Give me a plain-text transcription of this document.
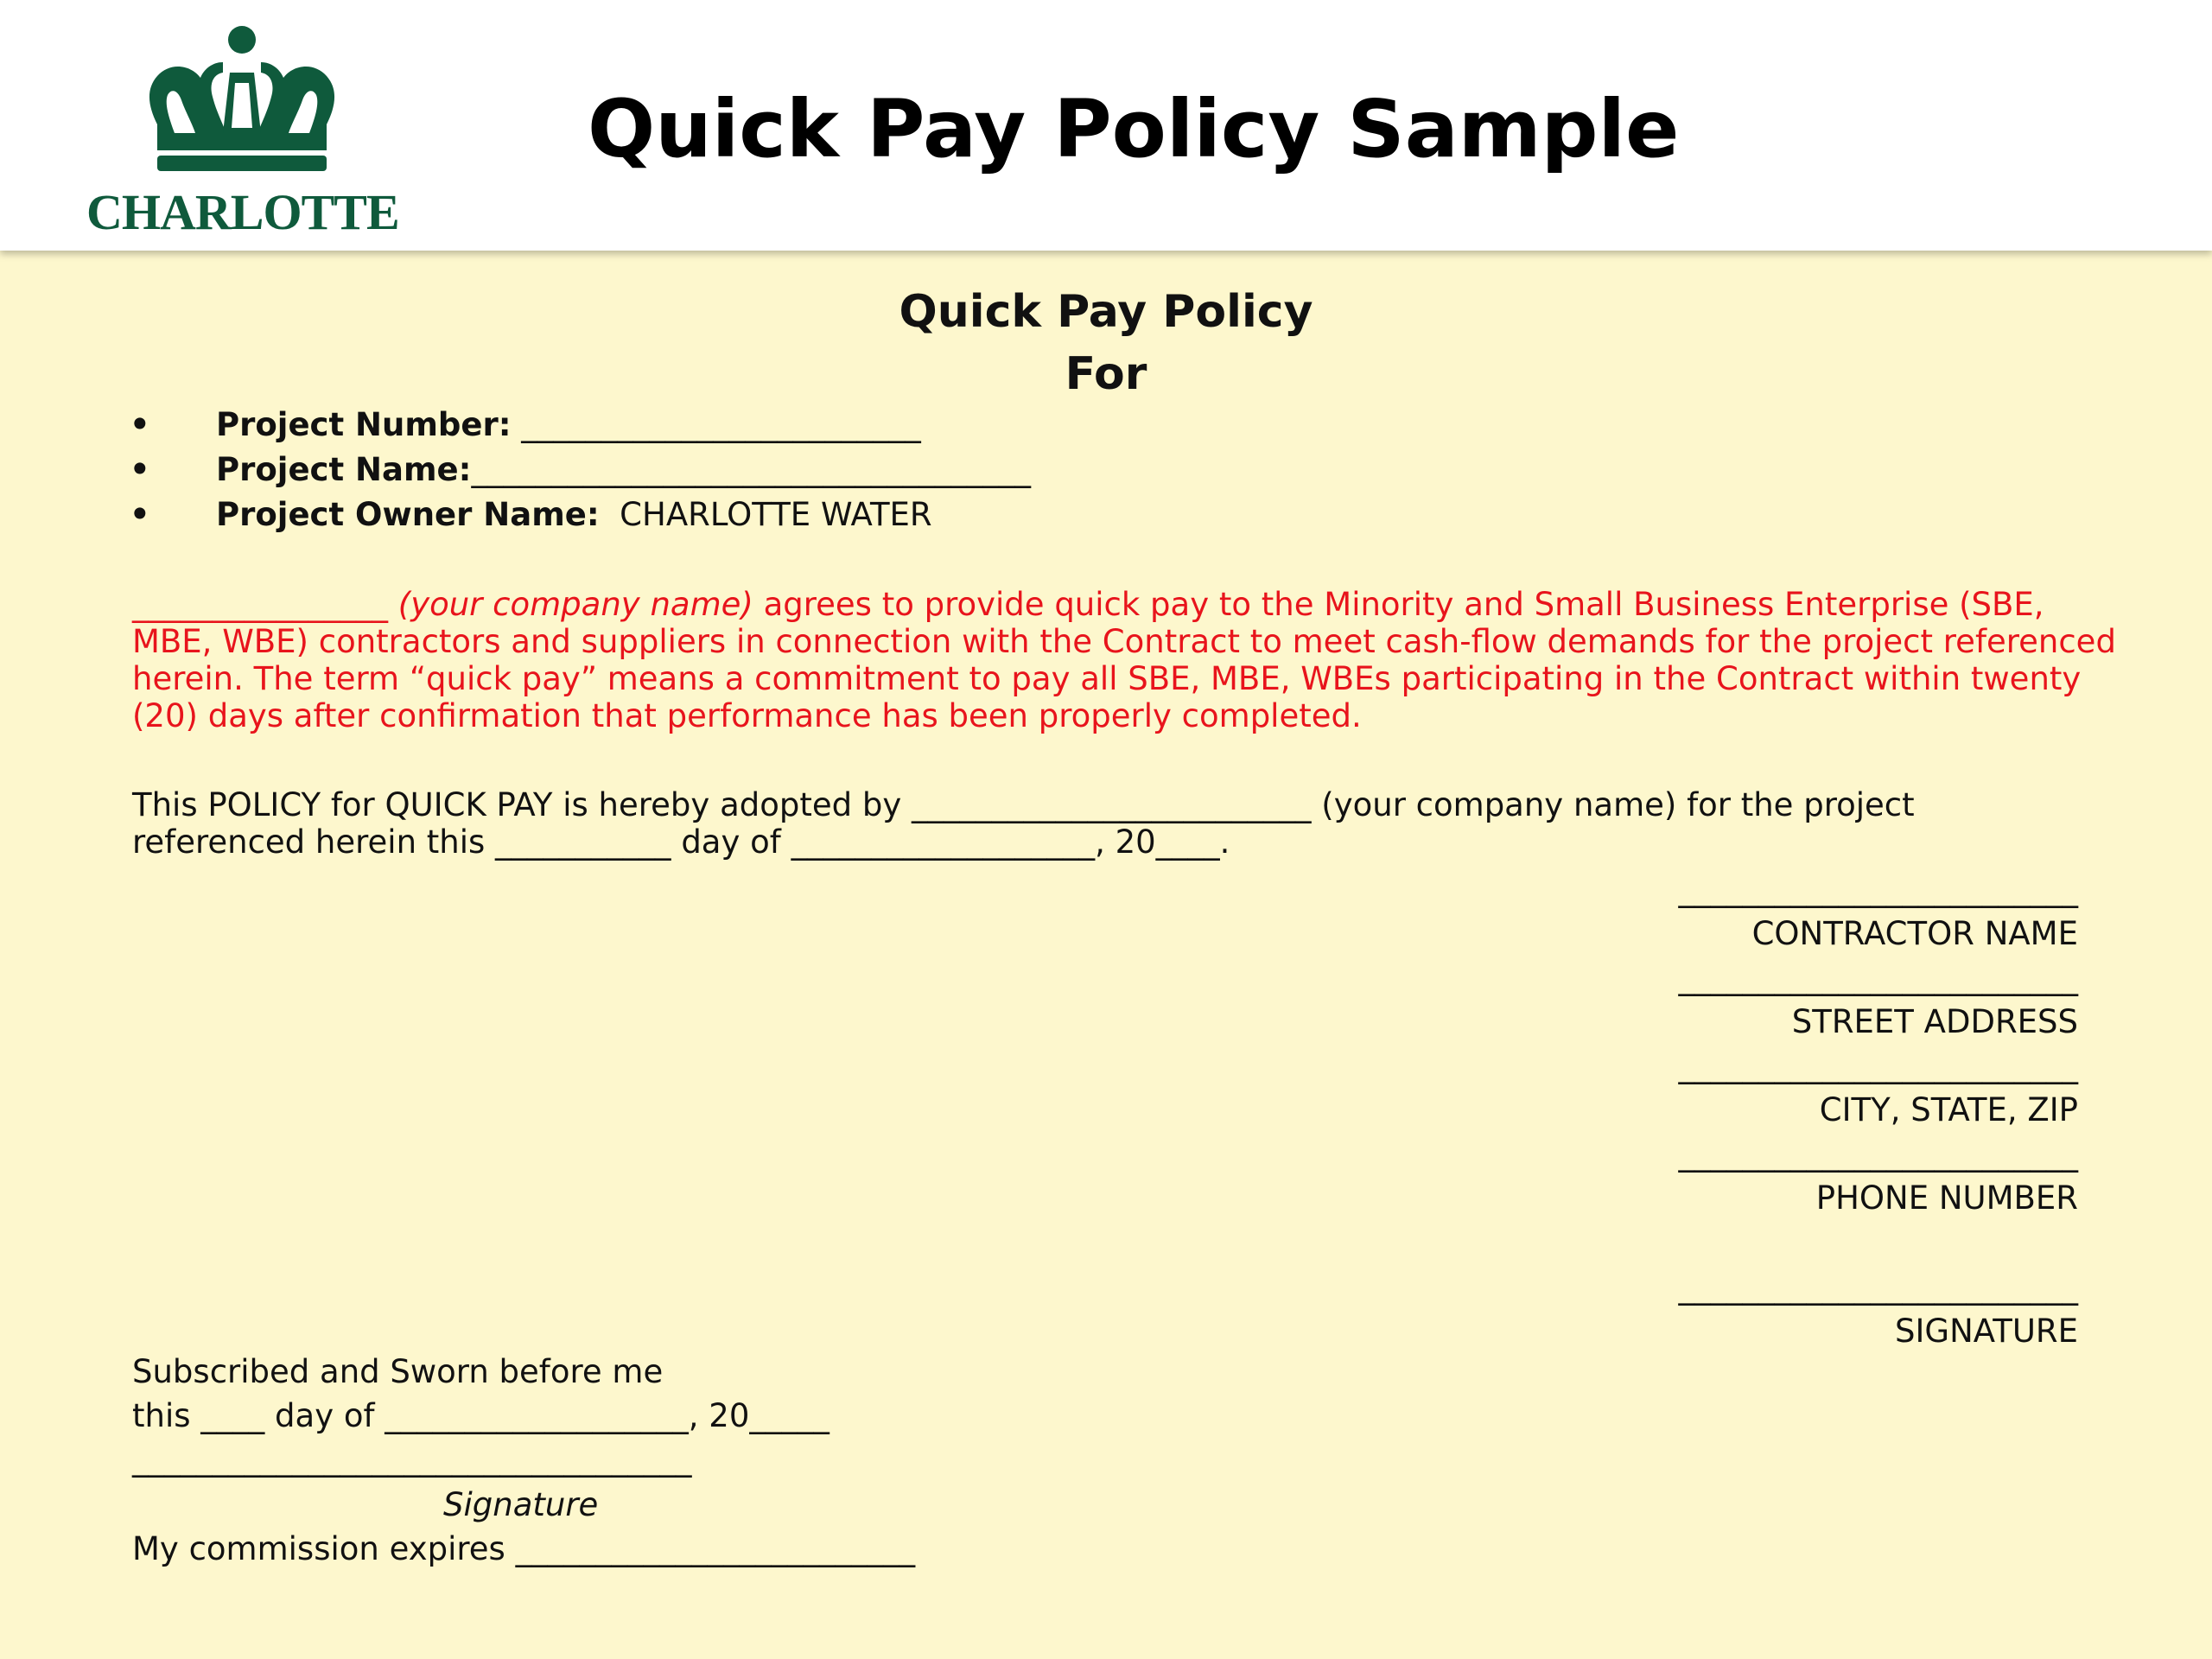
CHARLOTTE
Quick Pay Policy Sample
Quick Pay Policy
For
• Project Number: _________________________
• Project Name:___________________________________
• Project Owner Name:  CHARLOTTE WATER
________________ (your company name) agrees to provide quick pay to the Minority and Small Business Enterprise (SBE,
MBE, WBE) contractors and suppliers in connection with the Contract to meet cash-flow demands for the project referenced
herein. The term “quick pay” means a commitment to pay all SBE, MBE, WBEs participating in the Contract within twenty
(20) days after confirmation that performance has been properly completed.
This POLICY for QUICK PAY is hereby adopted by _________________________ (your company name) for the project
referenced herein this ___________ day of ___________________, 20____.
_________________________
CONTRACTOR NAME
_________________________
STREET ADDRESS
_________________________
CITY, STATE, ZIP
_________________________
PHONE NUMBER
_________________________
SIGNATURE
Subscribed and Sworn before me
this ____ day of ___________________, 20_____
___________________________________
Signature
My commission expires _________________________
